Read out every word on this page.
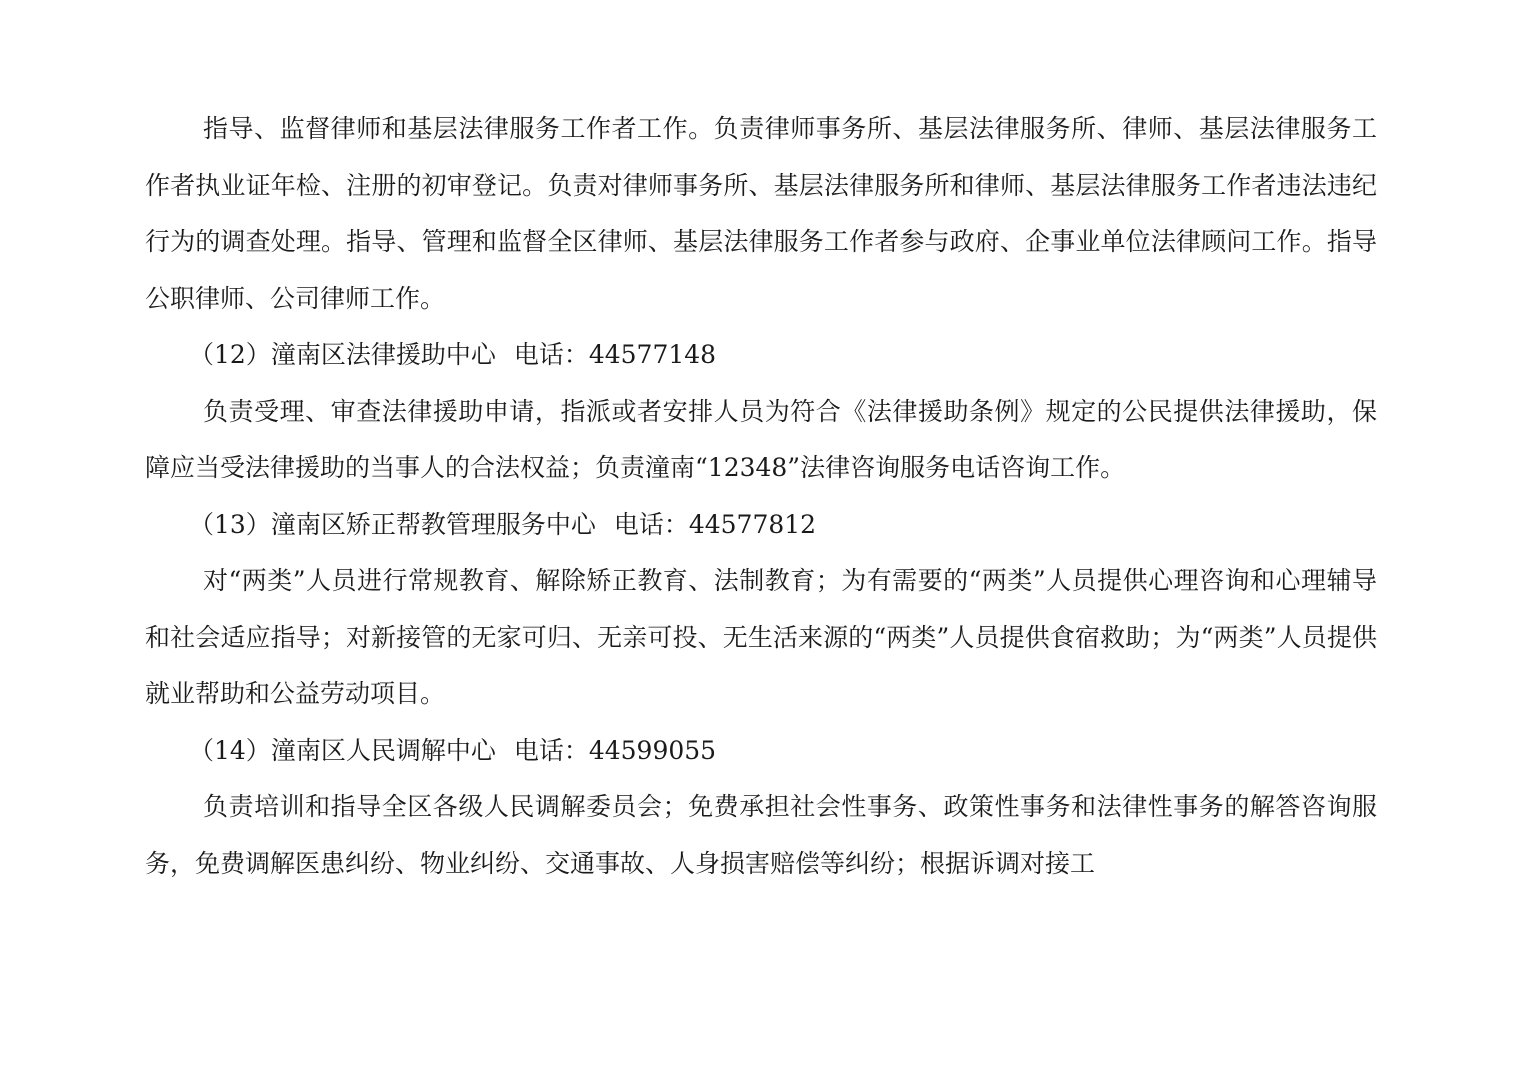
指导、监督律师和基层法律服务工作者工作。负责律师事务所、基层法律服务所、律师、基层法律服务工作者执业证年检、注册的初审登记。负责对律师事务所、基层法律服务所和律师、基层法律服务工作者违法违纪行为的调查处理。指导、管理和监督全区律师、基层法律服务工作者参与政府、企事业单位法律顾问工作。指导公职律师、公司律师工作。

（12）潼南区法律援助中心 电话：44577148

负责受理、审查法律援助申请，指派或者安排人员为符合《法律援助条例》规定的公民提供法律援助，保障应当受法律援助的当事人的合法权益；负责潼南“12348”法律咨询服务电话咨询工作。

（13）潼南区矫正帮教管理服务中心 电话：44577812

对“两类”人员进行常规教育、解除矫正教育、法制教育；为有需要的“两类”人员提供心理咨询和心理辅导和社会适应指导；对新接管的无家可归、无亲可投、无生活来源的“两类”人员提供食宿救助；为“两类”人员提供就业帮助和公益劳动项目。

（14）潼南区人民调解中心 电话：44599055

负责培训和指导全区各级人民调解委员会；免费承担社会性事务、政策性事务和法律性事务的解答咨询服务，免费调解医患纠纷、物业纠纷、交通事故、人身损害赔偿等纠纷；根据诉调对接工
